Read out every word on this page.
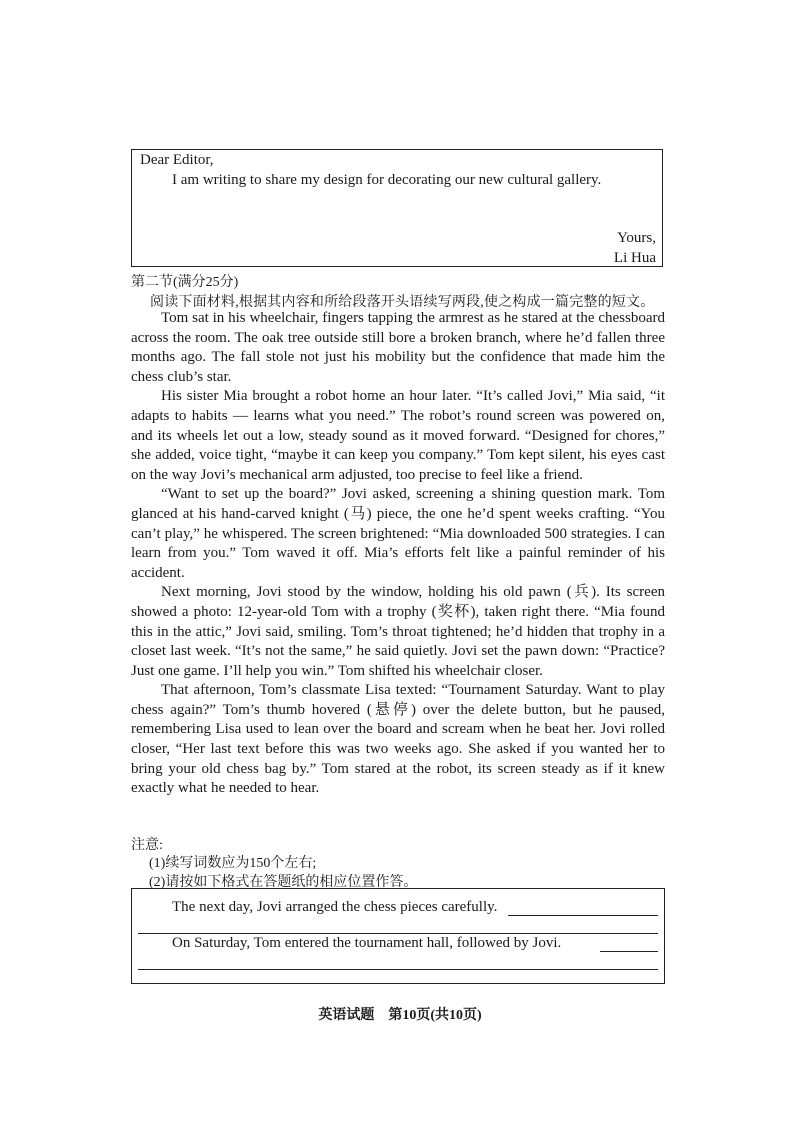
Dear Editor,
I am writing to share my design for decorating our new cultural gallery.
Yours,
Li Hua
第二节(满分25分)
阅读下面材料,根据其内容和所给段落开头语续写两段,使之构成一篇完整的短文。

Tom sat in his wheelchair, fingers tapping the armrest as he stared at the chessboard across the room. The oak tree outside still bore a broken branch, where he’d fallen three months ago. The fall stole not just his mobility but the confidence that made him the chess club’s star.

His sister Mia brought a robot home an hour later. “It’s called Jovi,” Mia said, “it adapts to habits — learns what you need.” The robot’s round screen was powered on, and its wheels let out a low, steady sound as it moved forward. “Designed for chores,” she added, voice tight, “maybe it can keep you company.” Tom kept silent, his eyes cast on the way Jovi’s mechanical arm adjusted, too precise to feel like a friend.

“Want to set up the board?” Jovi asked, screening a shining question mark. Tom glanced at his hand-carved knight (马) piece, the one he’d spent weeks crafting. “You can’t play,” he whispered. The screen brightened: “Mia downloaded 500 strategies. I can learn from you.” Tom waved it off. Mia’s efforts felt like a painful reminder of his accident.

Next morning, Jovi stood by the window, holding his old pawn (兵). Its screen showed a photo: 12-year-old Tom with a trophy (奖杯), taken right there. “Mia found this in the attic,” Jovi said, smiling. Tom’s throat tightened; he’d hidden that trophy in a closet last week. “It’s not the same,” he said quietly. Jovi set the pawn down: “Practice? Just one game. I’ll help you win.” Tom shifted his wheelchair closer.

That afternoon, Tom’s classmate Lisa texted: “Tournament Saturday. Want to play chess again?” Tom’s thumb hovered (悬停) over the delete button, but he paused, remembering Lisa used to lean over the board and scream when he beat her. Jovi rolled closer, “Her last text before this was two weeks ago. She asked if you wanted her to bring your old chess bag by.” Tom stared at the robot, its screen steady as if it knew exactly what he needed to hear.

注意:
(1)续写词数应为150个左右;
(2)请按如下格式在答题纸的相应位置作答。
The next day, Jovi arranged the chess pieces carefully.
On Saturday, Tom entered the tournament hall, followed by Jovi.
英语试题　第10页(共10页)
